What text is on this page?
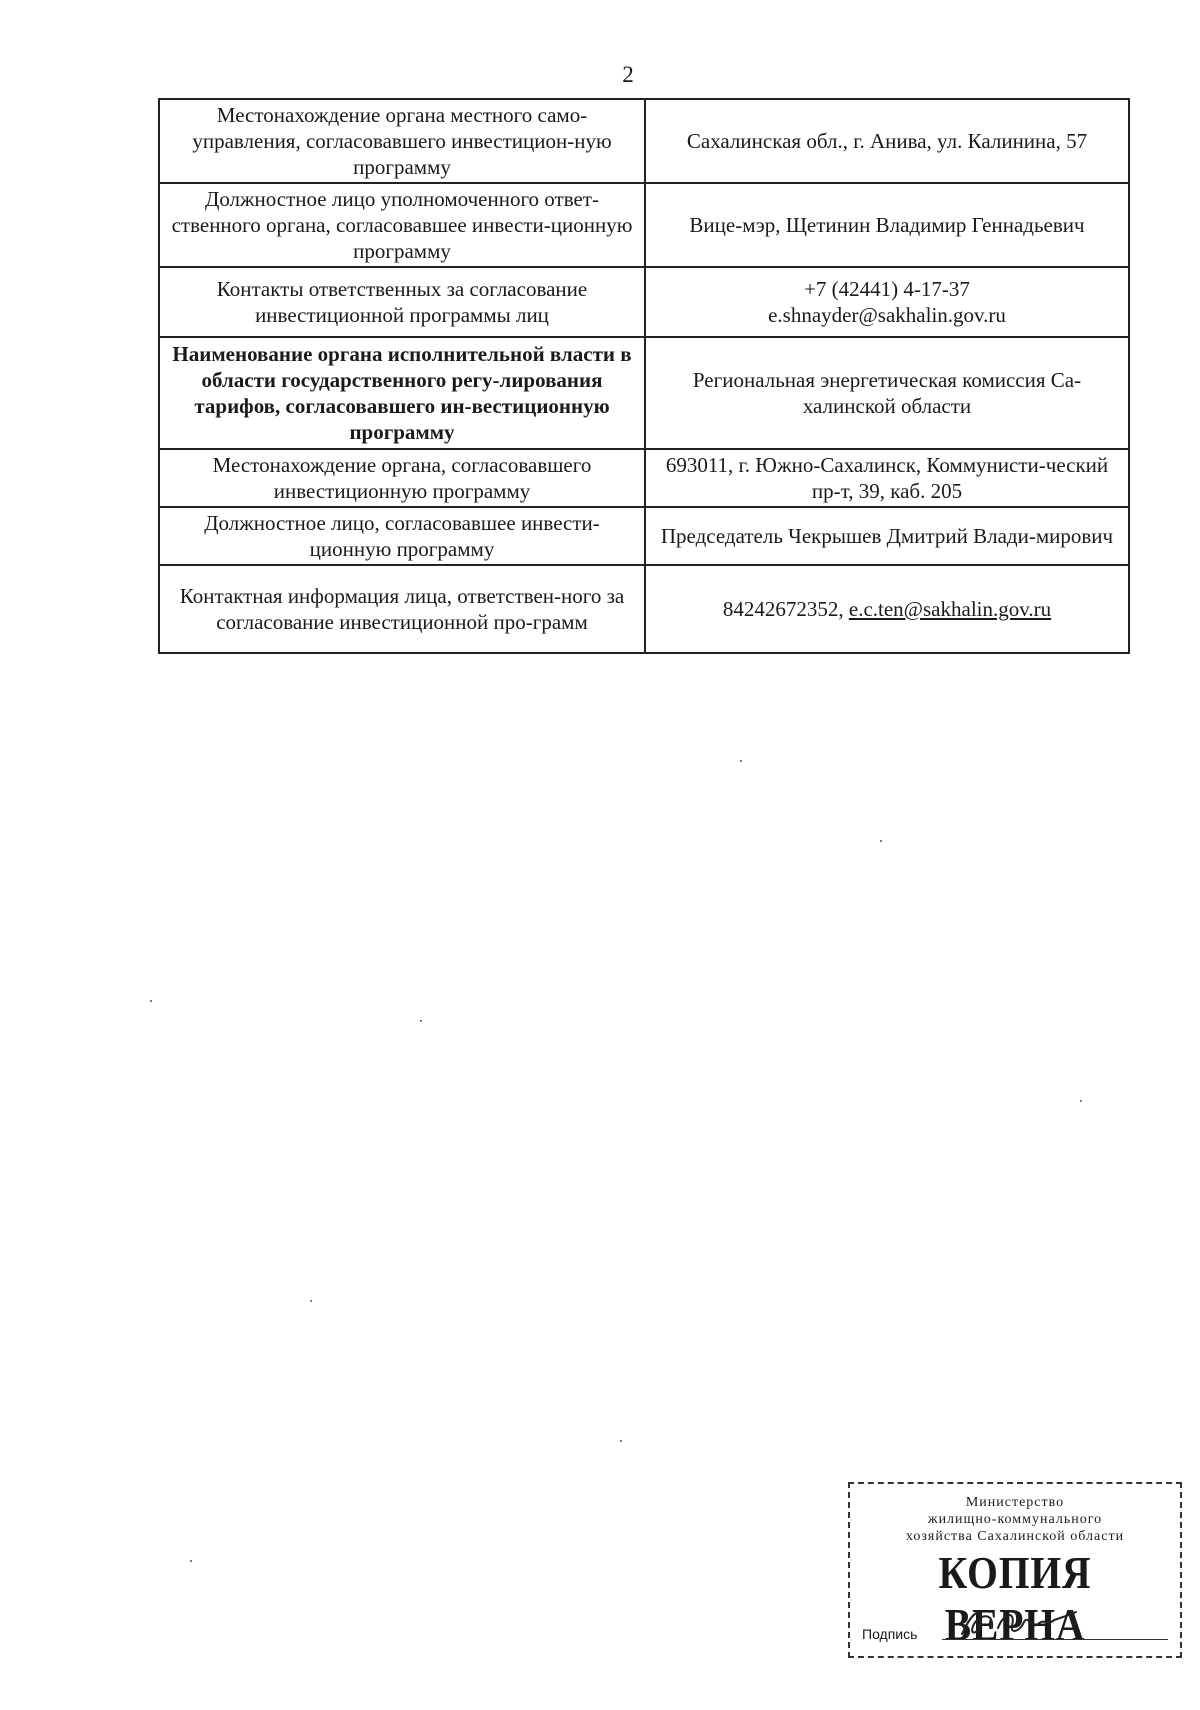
2
Местонахождение органа местного само-управления, согласовавшего инвестицион-ную программу	Сахалинская обл., г. Анива, ул. Калинина, 57
Должностное лицо уполномоченного ответ-ственного органа, согласовавшее инвести-ционную программу	Вице-мэр, Щетинин Владимир Геннадьевич
Контакты ответственных за согласование инвестиционной программы лиц	+7 (42441) 4-17-37
e.shnayder@sakhalin.gov.ru

Наименование органа исполнительной власти в области государственного регу-лирования тарифов, согласовавшего ин-вестиционную программу	Региональная энергетическая комиссия Са-халинской области
Местонахождение органа, согласовавшего инвестиционную программу	693011, г. Южно-Сахалинск, Коммунисти-ческий пр-т, 39, каб. 205
Должностное лицо, согласовавшее инвести-ционную программу	Председатель Чекрышев Дмитрий Влади-мирович
Контактная информация лица, ответствен-ного за согласование инвестиционной про-грамм	84242672352, e.c.ten@sakhalin.gov.ru
Министерство
жилищно-коммунального
хозяйства Сахалинской области
КОПИЯ ВЕРНА
Подпись
